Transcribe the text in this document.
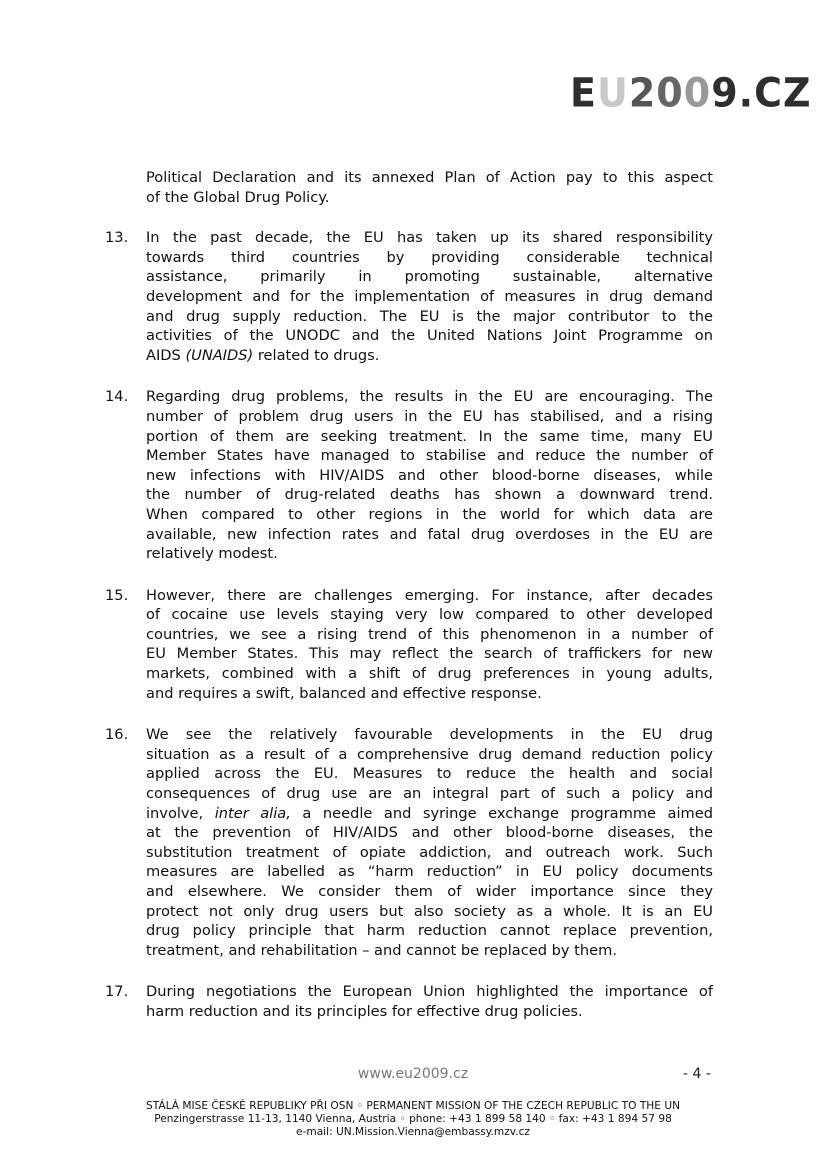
EU2009.CZ
Political Declaration and its annexed Plan of Action pay to this aspect
of the Global Drug Policy.
13. In the past decade, the EU has taken up its shared responsibility
towards third countries by providing considerable technical
assistance, primarily in promoting sustainable, alternative
development and for the implementation of measures in drug demand
and drug supply reduction. The EU is the major contributor to the
activities of the UNODC and the United Nations Joint Programme on
AIDS (UNAIDS) related to drugs.
14. Regarding drug problems, the results in the EU are encouraging. The
number of problem drug users in the EU has stabilised, and a rising
portion of them are seeking treatment. In the same time, many EU
Member States have managed to stabilise and reduce the number of
new infections with HIV/AIDS and other blood-borne diseases, while
the number of drug-related deaths has shown a downward trend.
When compared to other regions in the world for which data are
available, new infection rates and fatal drug overdoses in the EU are
relatively modest.
15. However, there are challenges emerging. For instance, after decades
of cocaine use levels staying very low compared to other developed
countries, we see a rising trend of this phenomenon in a number of
EU Member States. This may reflect the search of traffickers for new
markets, combined with a shift of drug preferences in young adults,
and requires a swift, balanced and effective response.
16. We see the relatively favourable developments in the EU drug
situation as a result of a comprehensive drug demand reduction policy
applied across the EU. Measures to reduce the health and social
consequences of drug use are an integral part of such a policy and
involve, inter alia, a needle and syringe exchange programme aimed
at the prevention of HIV/AIDS and other blood-borne diseases, the
substitution treatment of opiate addiction, and outreach work. Such
measures are labelled as “harm reduction” in EU policy documents
and elsewhere. We consider them of wider importance since they
protect not only drug users but also society as a whole. It is an EU
drug policy principle that harm reduction cannot replace prevention,
treatment, and rehabilitation – and cannot be replaced by them.
17. During negotiations the European Union highlighted the importance of
harm reduction and its principles for effective drug policies.
www.eu2009.cz	- 4 -
STÁLÁ MISE ČESKÉ REPUBLIKY PŘI OSN ◦ PERMANENT MISSION OF THE CZECH REPUBLIC TO THE UN
Penzingerstrasse 11-13, 1140 Vienna, Austria ◦ phone: +43 1 899 58 140 ◦ fax: +43 1 894 57 98
e-mail: UN.Mission.Vienna@embassy.mzv.cz
